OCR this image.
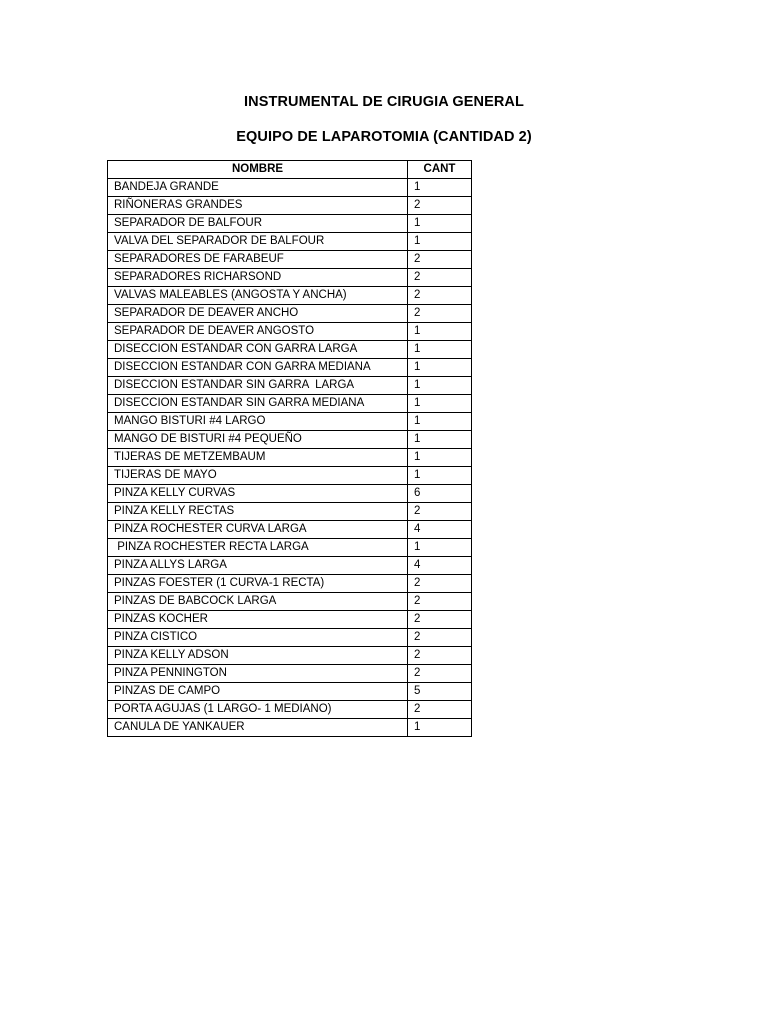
INSTRUMENTAL DE CIRUGIA GENERAL
EQUIPO DE LAPAROTOMIA (CANTIDAD 2)
NOMBRE	CANT
BANDEJA GRANDE	1
RIÑONERAS GRANDES	2
SEPARADOR DE BALFOUR	1
VALVA DEL SEPARADOR DE BALFOUR	1
SEPARADORES DE FARABEUF	2
SEPARADORES RICHARSOND	2
VALVAS MALEABLES (ANGOSTA Y ANCHA)	2
SEPARADOR DE DEAVER ANCHO	2
SEPARADOR DE DEAVER ANGOSTO	1
DISECCION ESTANDAR CON GARRA LARGA	1
DISECCION ESTANDAR CON GARRA MEDIANA	1
DISECCION ESTANDAR SIN GARRA  LARGA	1
DISECCION ESTANDAR SIN GARRA MEDIANA	1
MANGO BISTURI #4 LARGO	1
MANGO DE BISTURI #4 PEQUEÑO	1
TIJERAS DE METZEMBAUM	1
TIJERAS DE MAYO	1
PINZA KELLY CURVAS	6
PINZA KELLY RECTAS	2
PINZA ROCHESTER CURVA LARGA	4
PINZA ROCHESTER RECTA LARGA	1
PINZA ALLYS LARGA	4
PINZAS FOESTER (1 CURVA-1 RECTA)	2
PINZAS DE BABCOCK LARGA	2
PINZAS KOCHER	2
PINZA CISTICO	2
PINZA KELLY ADSON	2
PINZA PENNINGTON	2
PINZAS DE CAMPO	5
PORTA AGUJAS (1 LARGO- 1 MEDIANO)	2
CANULA DE YANKAUER	1
